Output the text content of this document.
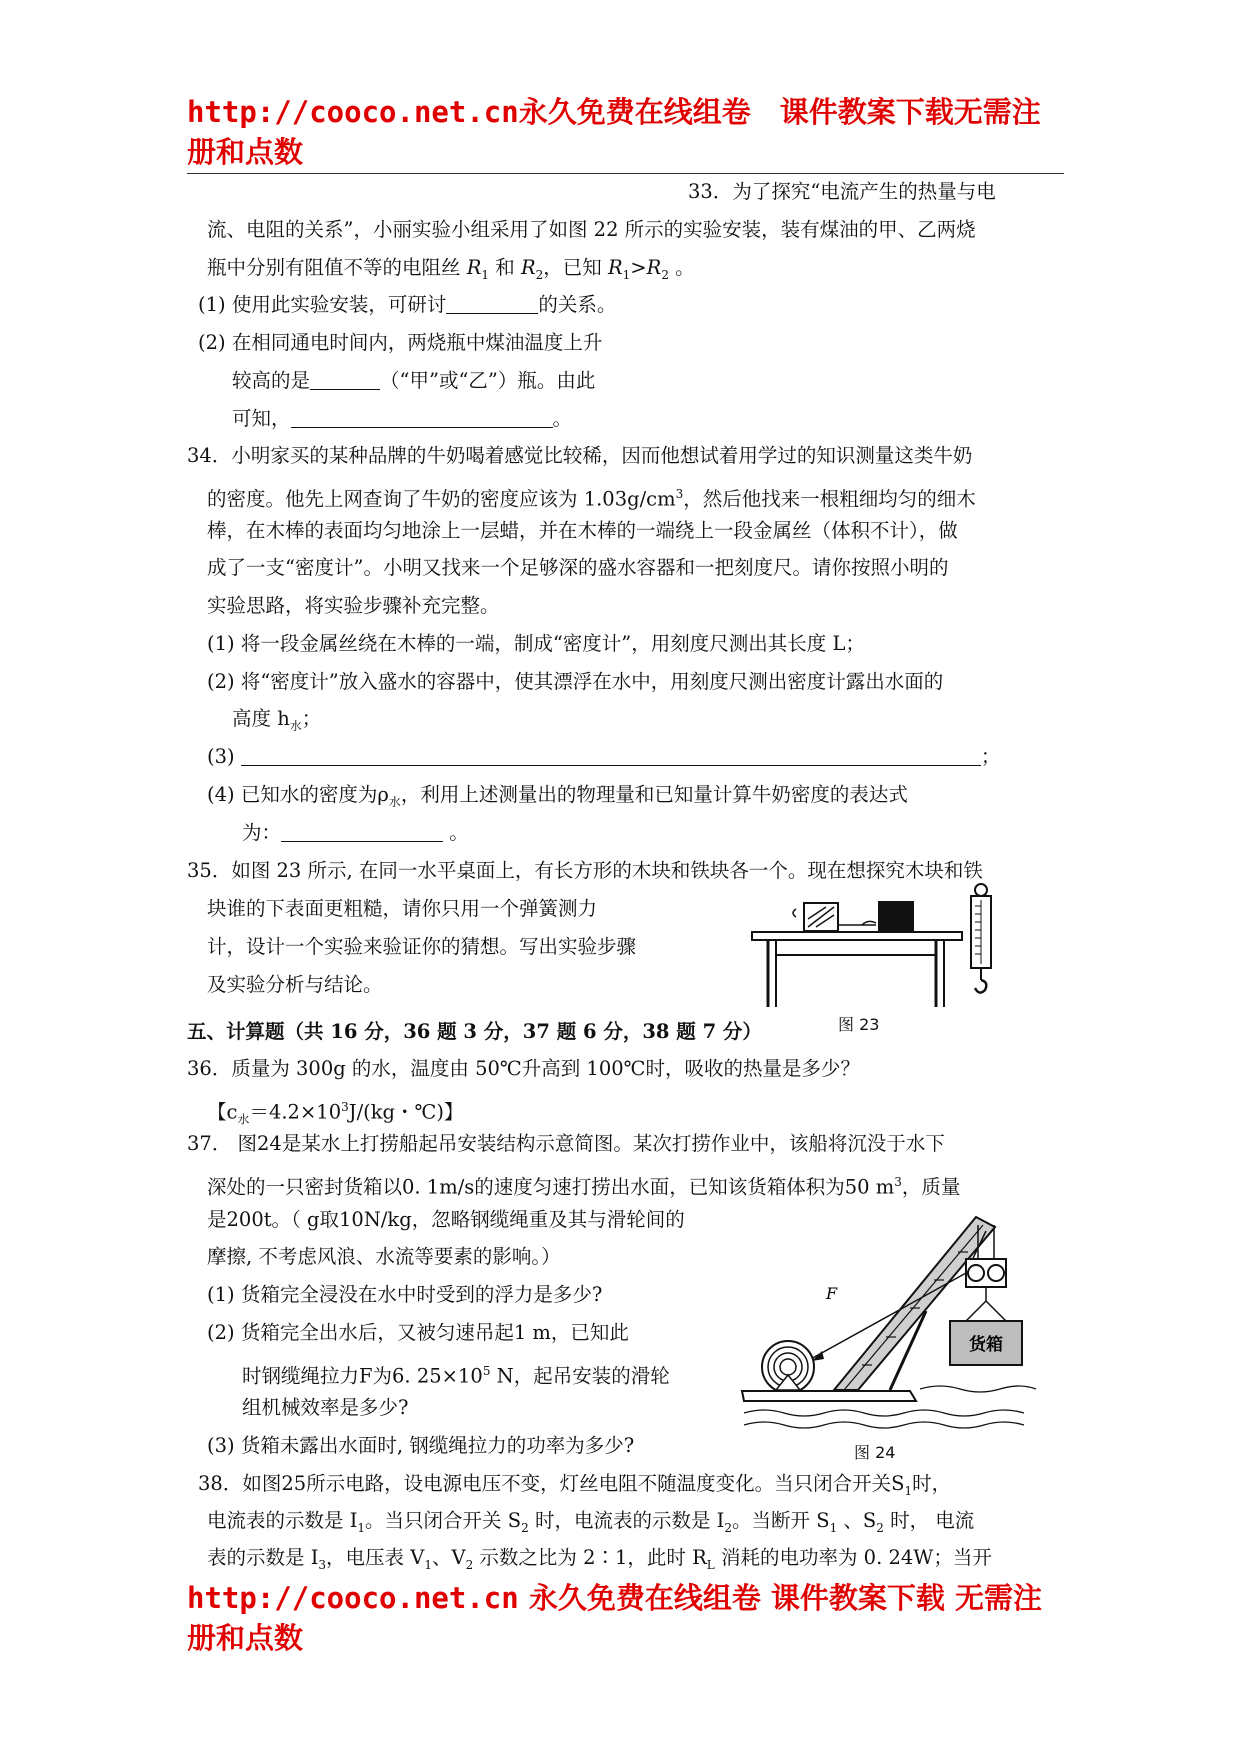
http://cooco.net.cn永久免费在线组卷　课件教案下载无需注
册和点数
33．为了探究“电流产生的热量与电
流、电阻的关系”，小丽实验小组采用了如图 22 所示的实验安装，装有煤油的甲、乙两烧
瓶中分别有阻值不等的电阻丝 $R_1$ 和 $R_2$，已知 $R_1>R_2$ 。
(1) 使用此实验安装，可研讨	的关系。
(2) 在相同通电时间内，两烧瓶中煤油温度上升
较高的是	（“甲”或“乙”）瓶。由此
可知，	。
34．小明家买的某种品牌的牛奶喝着感觉比较稀，因而他想试着用学过的知识测量这类牛奶
的密度。他先上网查询了牛奶的密度应该为 $1.03g/cm^3$，然后他找来一根粗细均匀的细木
棒，在木棒的表面均匀地涂上一层蜡，并在木棒的一端绕上一段金属丝（体积不计），做
成了一支“密度计”。小明又找来一个足够深的盛水容器和一把刻度尺。请你按照小明的
实验思路，将实验步骤补充完整。
(1) 将一段金属丝绕在木棒的一端，制成“密度计”，用刻度尺测出其长度 L；
(2) 将“密度计”放入盛水的容器中，使其漂浮在水中，用刻度尺测出密度计露出水面的
高度 $h_水$；
(3)	；
(4) 已知水的密度为$\rho_水$，利用上述测量出的物理量和已知量计算牛奶密度的表达式
为：	。
35．如图 23 所示, 在同一水平桌面上，有长方形的木块和铁块各一个。现在想探究木块和铁
块谁的下表面更粗糙，请你只用一个弹簧测力
计，设计一个实验来验证你的猜想。写出实验步骤
及实验分析与结论。
图 23
五、计算题（共 16 分，36 题 3 分，37 题 6 分，38 题 7 分）
36．质量为 300g 的水，温度由 50℃升高到 100℃时，吸收的热量是多少？
【$c_水=4.2\times 10^3J/(kg$・℃)】
37． 图24是某水上打捞船起吊安装结构示意简图。某次打捞作业中，该船将沉没于水下
深处的一只密封货箱以0. 1m/s的速度匀速打捞出水面，已知该货箱体积为50 $m^3$，质量
是200t。（ g取10N/kg，忽略钢缆绳重及其与滑轮间的
摩擦, 不考虑风浪、水流等要素的影响。）
(1) 货箱完全浸没在水中时受到的浮力是多少?
(2) 货箱完全出水后，又被匀速吊起1 m，已知此
时钢缆绳拉力F为6. $25\times 10^5$ N，起吊安装的滑轮
组机械效率是多少?
(3) 货箱未露出水面时, 钢缆绳拉力的功率为多少?
F
货箱
图 24
38．如图25所示电路，设电源电压不变，灯丝电阻不随温度变化。当只闭合开关$S_1$时，
电流表的示数是 $I_1$。当只闭合开关 $S_2$ 时，电流表的示数是 $I_2$。当断开 $S_1$ 、$S_2$ 时， 电流
表的示数是 $I_3$，电压表 $V_1$、$V_2$ 示数之比为 2∶1，此时 $R_L$ 消耗的电功率为 0. 24W；当开
http://cooco.net.cn 永久免费在线组卷 课件教案下载 无需注
册和点数
